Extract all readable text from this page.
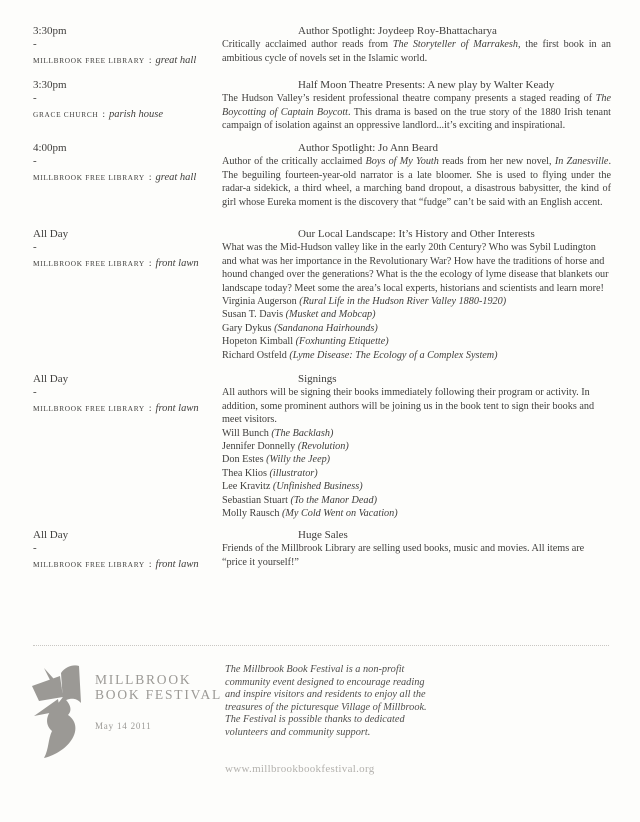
3:30pm
-
MILLBROOK FREE LIBRARY : great hall
Author Spotlight: Joydeep Roy-Bhattacharya
Critically acclaimed author reads from The Storyteller of Marrakesh, the first book in an ambitious cycle of novels set in the Islamic world.
3:30pm
-
GRACE CHURCH : parish house
Half Moon Theatre Presents: A new play by Walter Keady
The Hudson Valley’s resident professional theatre company presents a staged reading of The Boycotting of Captain Boycott. This drama is based on the true story of the 1880 Irish tenant campaign of isolation against an oppressive landlord...it’s exciting and inspirational.
4:00pm
-
MILLBROOK FREE LIBRARY : great hall
Author Spotlight: Jo Ann Beard
Author of the critically acclaimed Boys of My Youth reads from her new novel, In Zanesville. The beguiling fourteen-year-old narrator is a late bloomer. She is used to flying under the radar-a sidekick, a third wheel, a marching band dropout, a disastrous babysitter, the kind of girl whose Eureka moment is the discovery that “fudge” can’t be said with an English accent.
All Day
-
MILLBROOK FREE LIBRARY : front lawn
Our Local Landscape: It’s History and Other Interests
What was the Mid-Hudson valley like in the early 20th Century? Who was Sybil Ludington and what was her importance in the Revolutionary War? How have the traditions of horse and hound changed over the generations? What is the the ecology of lyme disease that blankets our landscape today? Meet some the area’s local experts, historians and scientists and learn more!
Virginia Augerson (Rural Life in the Hudson River Valley 1880-1920)
Susan T. Davis (Musket and Mobcap)
Gary Dykus (Sandanona Hairhounds)
Hopeton Kimball (Foxhunting Etiquette)
Richard Ostfeld (Lyme Disease: The Ecology of a Complex System)
All Day
-
MILLBROOK FREE LIBRARY : front lawn
Signings
All authors will be signing their books immediately following their program or activity. In addition, some prominent authors will be joining us in the book tent to sign their books and meet visitors.
Will Bunch (The Backlash)
Jennifer Donnelly (Revolution)
Don Estes (Willy the Jeep)
Thea Klios (illustrator)
Lee Kravitz (Unfinished Business)
Sebastian Stuart (To the Manor Dead)
Molly Rausch (My Cold Went on Vacation)
All Day
-
MILLBROOK FREE LIBRARY : front lawn
Huge Sales
Friends of the Millbrook Library are selling used books, music and movies. All items are “price it yourself!”
MILLBROOK
BOOK FESTIVAL
May 14 2011
The Millbrook Book Festival is a non-profit community event designed to encourage reading and inspire visitors and residents to enjoy all the treasures of the picturesque Village of Millbrook. The Festival is possible thanks to dedicated volunteers and community support.
www.millbrookbookfestival.org
